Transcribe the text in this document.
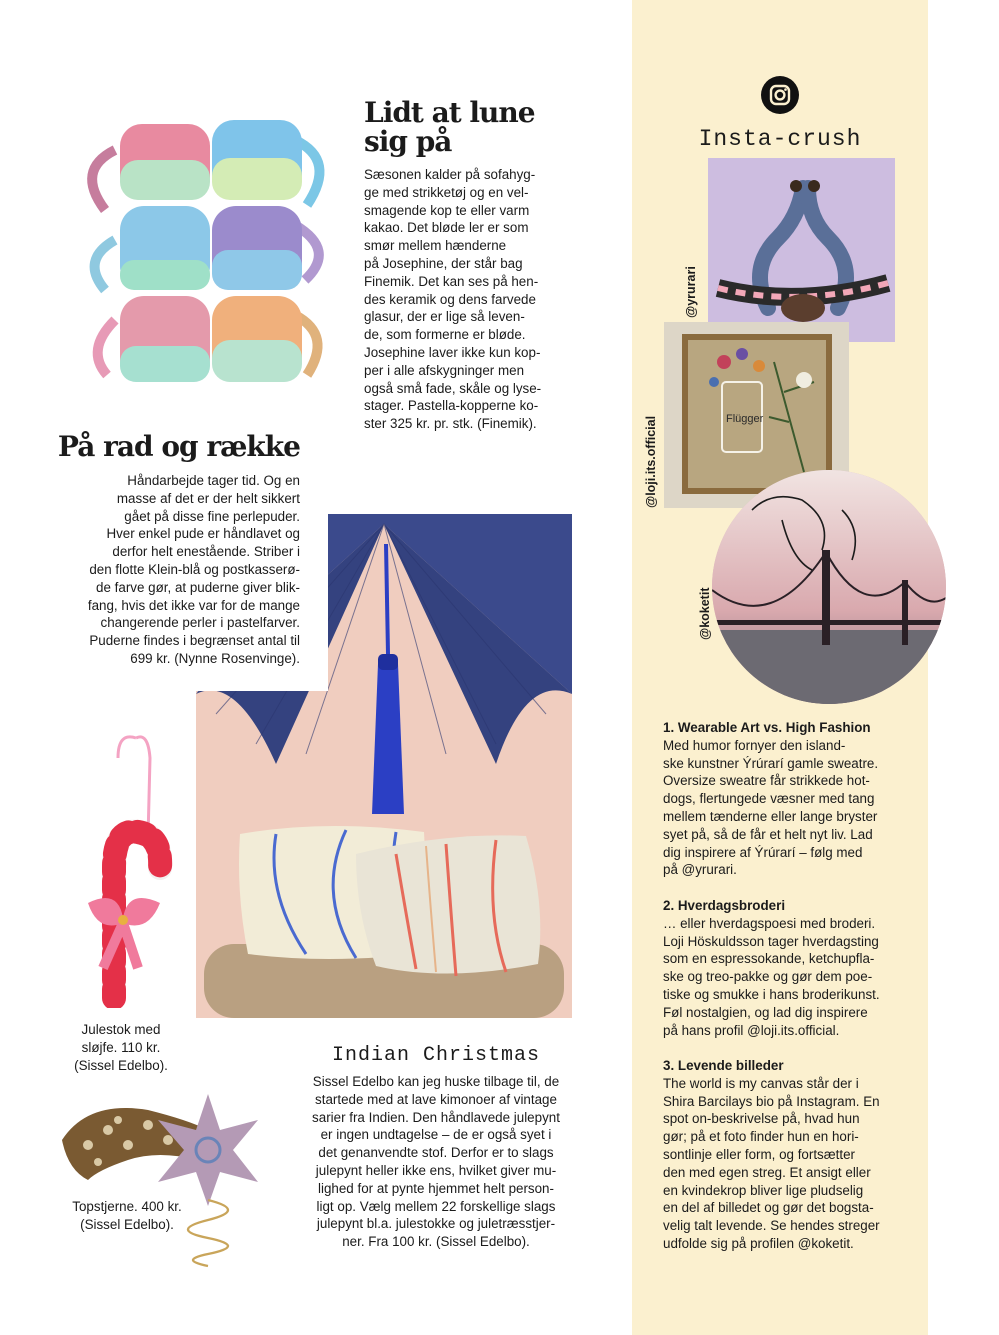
Insta-crush
@yrurari
Flügger
@loji.its.official
@koketit
1. Wearable Art vs. High Fashion
Med humor fornyer den island-
ske kunstner Ýrúrarí gamle sweatre.
Oversize sweatre får strikkede hot-
dogs, flertungede væsner med tang
mellem tænderne eller lange bryster
syet på, så de får et helt nyt liv. Lad
dig inspirere af Ýrúrarí – følg med
på @yrurari.
2. Hverdagsbroderi
… eller hverdagspoesi med broderi.
Loji Höskuldsson tager hverdagsting
som en espressokande, ketchupfla-
ske og treo-pakke og gør dem poe-
tiske og smukke i hans broderikunst.
Føl nostalgien, og lad dig inspirere
på hans profil @loji.its.official.
3. Levende billeder
The world is my canvas står der i
Shira Barcilays bio på Instagram. En
spot on-beskrivelse på, hvad hun
gør; på et foto finder hun en hori-
sontlinje eller form, og fortsætter
den med egen streg. Et ansigt eller
en kvindekrop bliver lige pludselig
en del af billedet og gør det bogsta-
velig talt levende. Se hendes streger
udfolde sig på profilen @koketit.
Lidt at lune
sig på
Sæsonen kalder på sofahyg-
ge med strikketøj og en vel-
smagende kop te eller varm
kakao. Det bløde ler er som
smør mellem hænderne
på Josephine, der står bag
Finemik. Det kan ses på hen-
des keramik og dens farvede
glasur, der er lige så leven-
de, som formerne er bløde.
Josephine laver ikke kun kop-
per i alle afskygninger men
også små fade, skåle og lyse-
stager. Pastella-kopperne ko-
ster 325 kr. pr. stk. (Finemik).
På rad og række
Håndarbejde tager tid. Og en
masse af det er der helt sikkert
gået på disse fine perlepuder.
Hver enkel pude er håndlavet og
derfor helt enestående. Striber i
den flotte Klein-blå og postkasserø-
de farve gør, at puderne giver blik-
fang, hvis det ikke var for de mange
changerende perler i pastelfarver.
Puderne findes i begrænset antal til
699 kr. (Nynne Rosenvinge).
Julestok med
sløjfe. 110 kr.
(Sissel Edelbo).
Topstjerne. 400 kr.
(Sissel Edelbo).
Indian Christmas
Sissel Edelbo kan jeg huske tilbage til, de
startede med at lave kimonoer af vintage
sarier fra Indien. Den håndlavede julepynt
er ingen undtagelse – de er også syet i
det genanvendte stof. Derfor er to slags
julepynt heller ikke ens, hvilket giver mu-
lighed for at pynte hjemmet helt person-
ligt op. Vælg mellem 22 forskellige slags
julepynt bl.a. julestokke og juletræsstjer-
ner. Fra 100 kr. (Sissel Edelbo).
